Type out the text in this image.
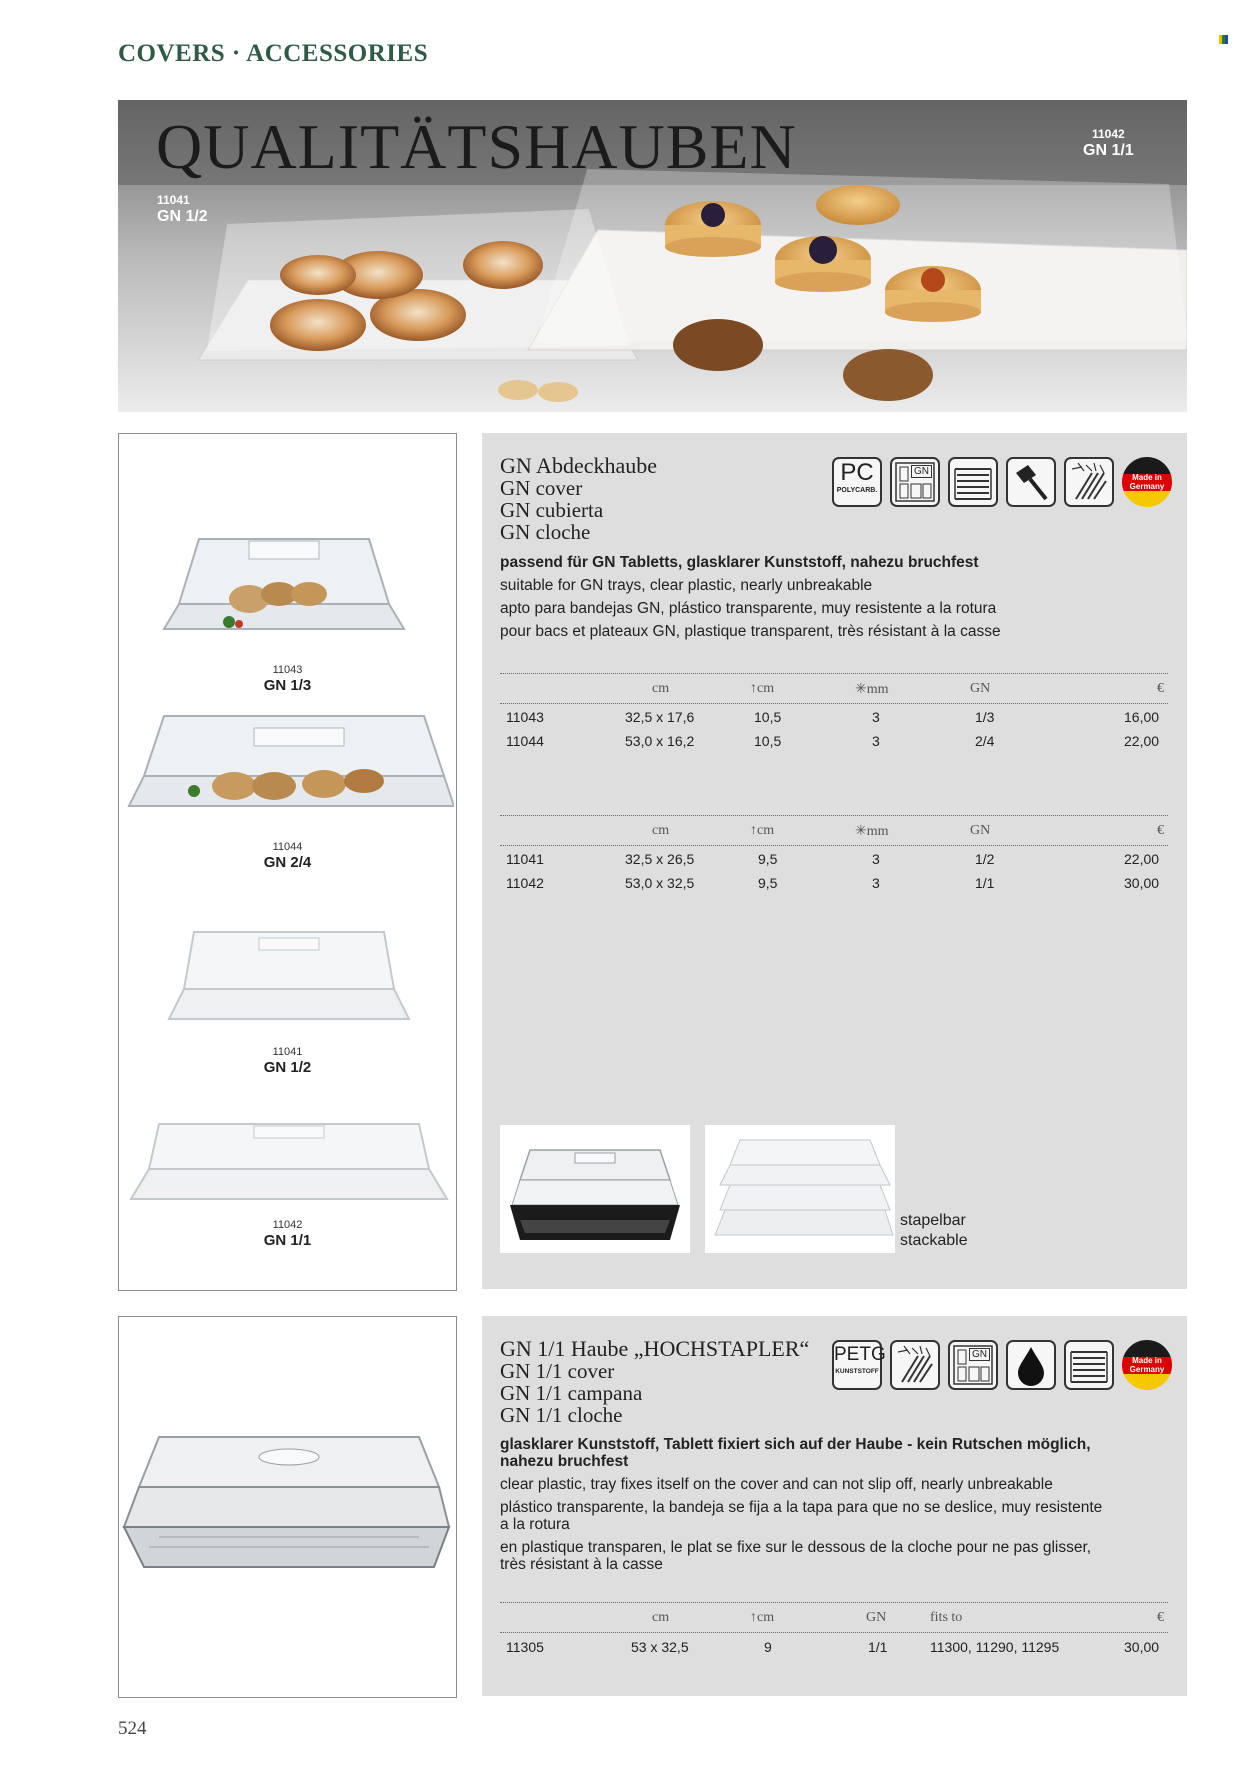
COVERS · ACCESSORIES
QUALITÄTSHAUBEN
11041
GN 1/2
11042
GN 1/1
11043
GN 1/3
11044
GN 2/4
11041
GN 1/2
11042
GN 1/1
GN Abdeckhaube
GN cover
GN cubierta
GN cloche
PC
POLYCARB.
GN
Made in Germany
passend für GN Tabletts, glasklarer Kunststoff, nahezu bruchfest
suitable for GN trays, clear plastic, nearly unbreakable
apto para bandejas GN, plástico transparente, muy resistente a la rotura
pour bacs et plateaux GN, plastique transparent, très résistant à la casse
cm	↑cm	✳mm	GN	€
11043	32,5 x 17,6	10,5	3	1/3	16,00
11044	53,0 x 16,2	10,5	3	2/4	22,00
cm	↑cm	✳mm	GN	€
11041	32,5 x 26,5	9,5	3	1/2	22,00
11042	53,0 x 32,5	9,5	3	1/1	30,00
stapelbar
stackable
GN 1/1 Haube „HOCHSTAPLER“
GN 1/1 cover
GN 1/1 campana
GN 1/1 cloche
PETG
KUNSTSTOFF
GN
Made in Germany
glasklarer Kunststoff, Tablett fixiert sich auf der Haube - kein Rutschen möglich,
nahezu bruchfest
clear plastic, tray fixes itself on the cover and can not slip off, nearly unbreakable
plástico transparente, la bandeja se fija a la tapa para que no se deslice, muy resistente
a la rotura
en plastique transparen, le plat se fixe sur le dessous de la cloche pour ne pas glisser,
très résistant à la casse
cm	↑cm	GN	fits to	€
11305	53 x 32,5	9	1/1	11300, 11290, 11295	30,00
524
